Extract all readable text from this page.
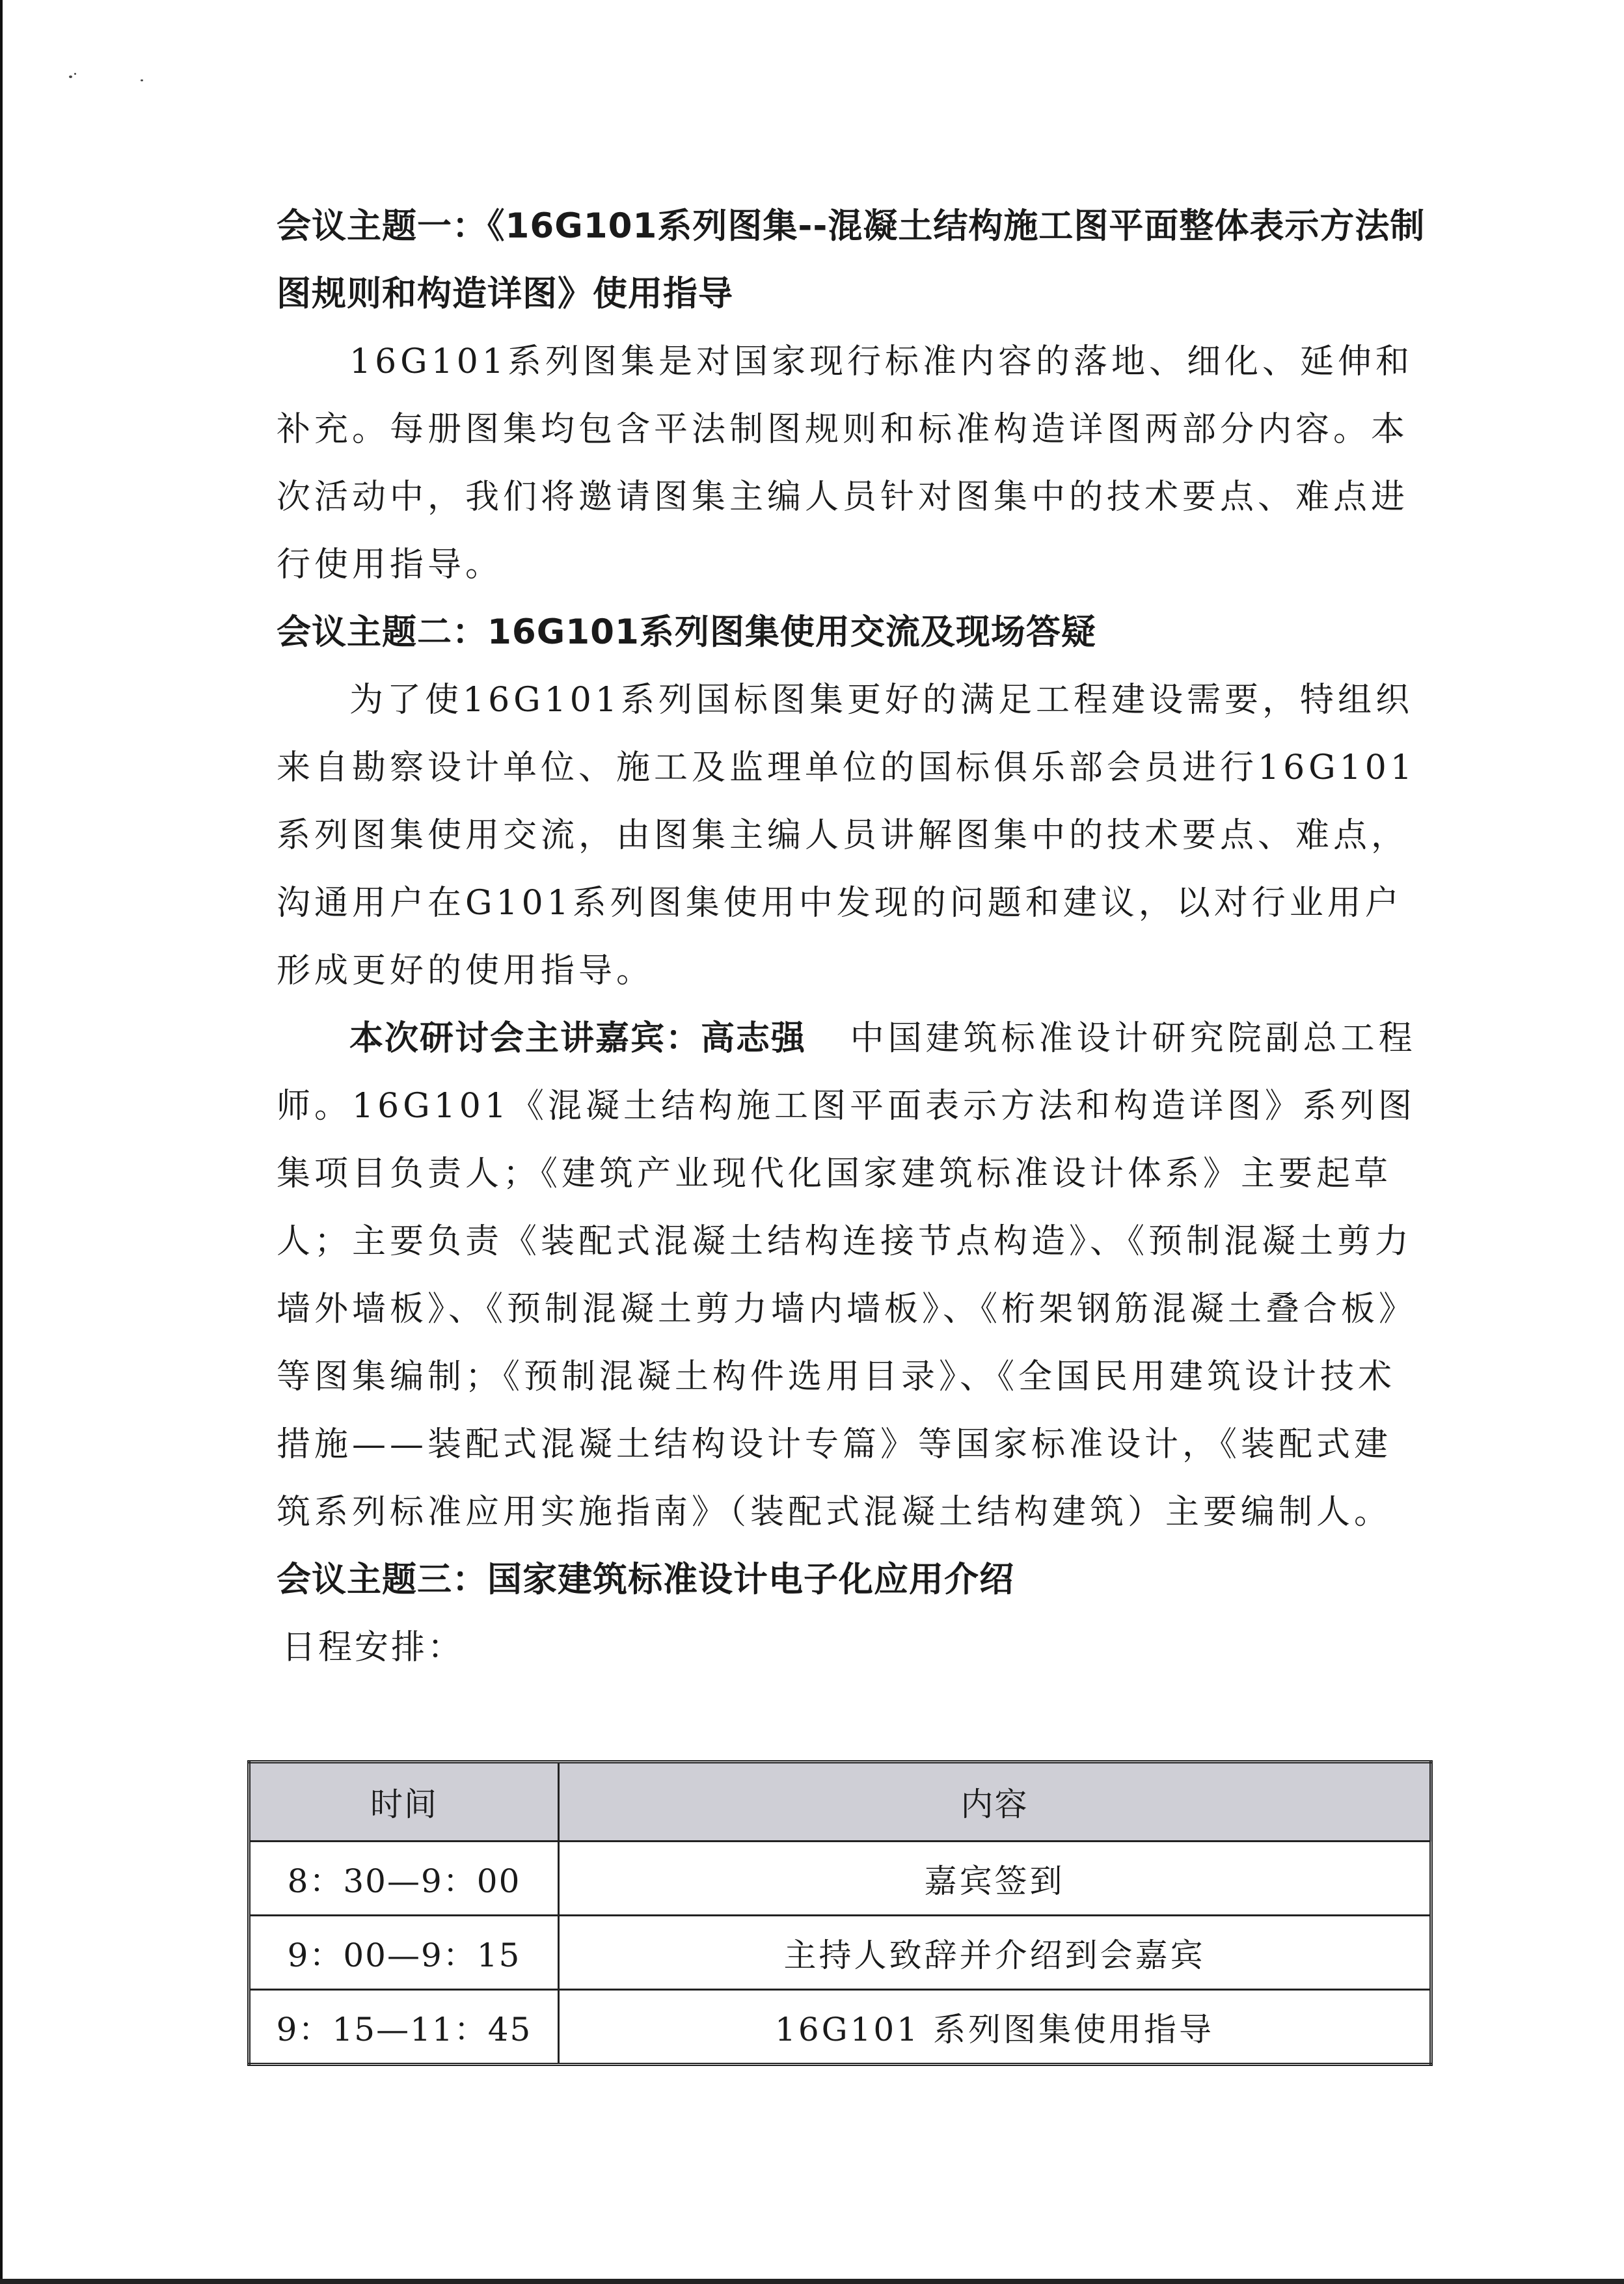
会议主题一：《16G101系列图集--混凝土结构施工图平面整体表示方法制图规则和构造详图》使用指导

16G101系列图集是对国家现行标准内容的落地、细化、延伸和补充。每册图集均包含平法制图规则和标准构造详图两部分内容。本次活动中，我们将邀请图集主编人员针对图集中的技术要点、难点进行使用指导。

会议主题二：16G101系列图集使用交流及现场答疑

为了使16G101系列国标图集更好的满足工程建设需要，特组织来自勘察设计单位、施工及监理单位的国标俱乐部会员进行16G101系列图集使用交流，由图集主编人员讲解图集中的技术要点、难点，沟通用户在G101系列图集使用中发现的问题和建议，以对行业用户形成更好的使用指导。

本次研讨会主讲嘉宾：高志强 中国建筑标准设计研究院副总工程师。16G101《混凝土结构施工图平面表示方法和构造详图》系列图集项目负责人；《建筑产业现代化国家建筑标准设计体系》主要起草人；主要负责《装配式混凝土结构连接节点构造》、《预制混凝土剪力墙外墙板》、《预制混凝土剪力墙内墙板》、《桁架钢筋混凝土叠合板》等图集编制；《预制混凝土构件选用目录》、《全国民用建筑设计技术措施——装配式混凝土结构设计专篇》等国家标准设计，《装配式建筑系列标准应用实施指南》（装配式混凝土结构建筑）主要编制人。

会议主题三：国家建筑标准设计电子化应用介绍

日程安排：

时间	内容
8：30—9：00	嘉宾签到
9：00—9：15	主持人致辞并介绍到会嘉宾
9：15—11：45	16G101 系列图集使用指导
